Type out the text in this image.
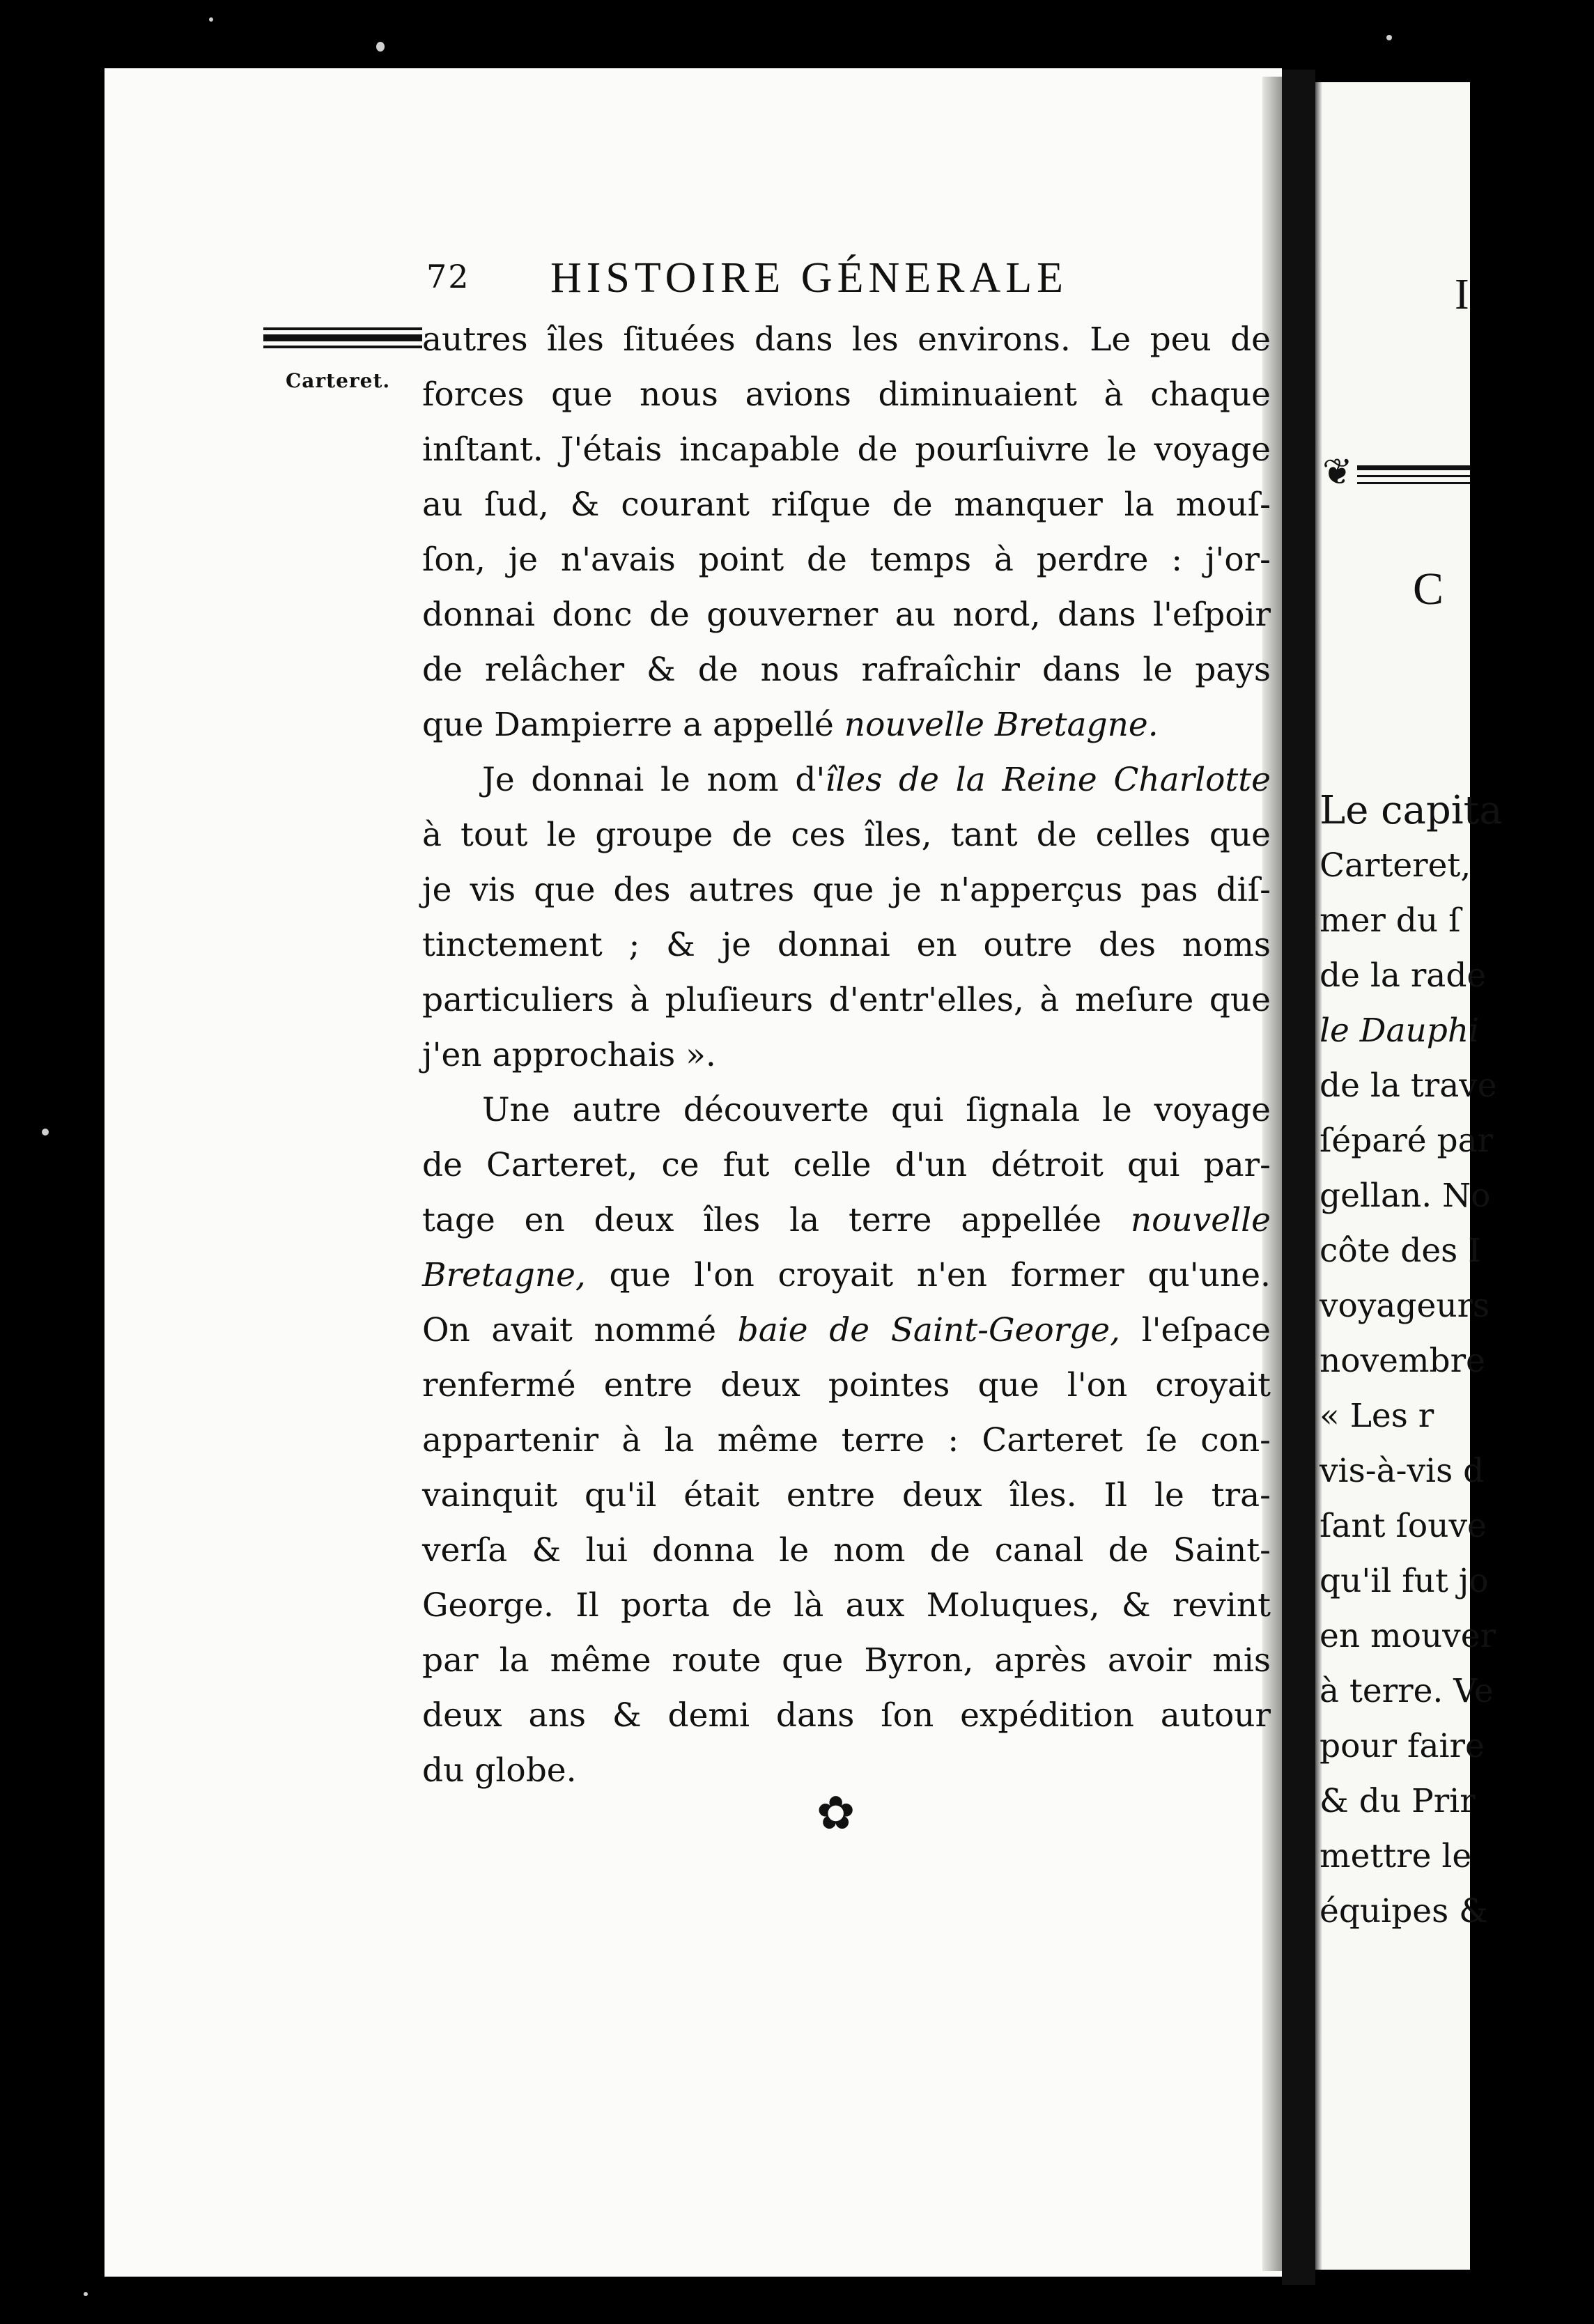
72 HISTOIRE GÉNERALE
Carteret.
autres îles ſituées dans les environs. Le peu de
forces que nous avions diminuaient à chaque
inſtant. J'étais incapable de pourſuivre le voyage
au ſud, & courant riſque de manquer la mouſ-
ſon, je n'avais point de temps à perdre : j'or-
donnai donc de gouverner au nord, dans l'eſpoir
de relâcher & de nous rafraîchir dans le pays
que Dampierre a appellé nouvelle Bretagne.
Je donnai le nom d'îles de la Reine Charlotte
à tout le groupe de ces îles, tant de celles que
je vis que des autres que je n'apperçus pas diſ-
tinctement ; & je donnai en outre des noms
particuliers à pluſieurs d'entr'elles, à meſure que
j'en approchais ».
Une autre découverte qui ſignala le voyage
de Carteret, ce fut celle d'un détroit qui par-
tage en deux îles la terre appellée nouvelle
Bretagne, que l'on croyait n'en former qu'une.
On avait nommé baie de Saint-George, l'eſpace
renfermé entre deux pointes que l'on croyait
appartenir à la même terre : Carteret ſe con-
vainquit qu'il était entre deux îles. Il le tra-
verſa & lui donna le nom de canal de Saint-
George. Il porta de là aux Moluques, & revint
par la même route que Byron, après avoir mis
deux ans & demi dans ſon expédition autour
du globe.
✿
I
❦
C
Le capita
Carteret,
mer du ſ
de la rade
le Dauphi
de la trave
ſéparé par
gellan. No
côte des I
voyageurs
novembre
« Les r
vis-à-vis d
ſant ſouve
qu'il fut jo
en mouver
à terre. Ve
pour faire
& du Prir
mettre le
équipes &
